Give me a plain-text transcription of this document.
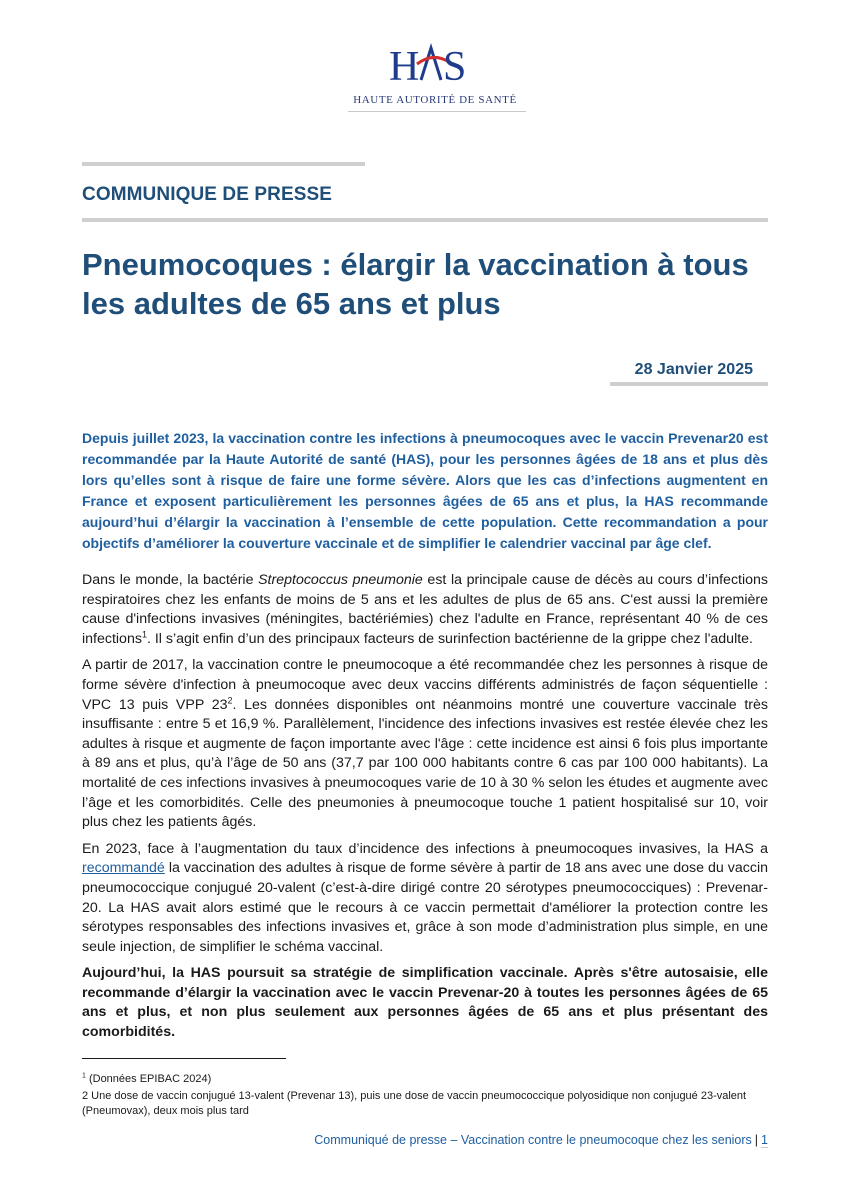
H S
HAUTE AUTORITÉ DE SANTÉ
COMMUNIQUE DE PRESSE
Pneumocoques : élargir la vaccination à tous les adultes de 65 ans et plus
28 Janvier 2025
Depuis juillet 2023, la vaccination contre les infections à pneumocoques avec le vaccin Prevenar20 est recommandée par la Haute Autorité de santé (HAS), pour les personnes âgées de 18 ans et plus dès lors qu’elles sont à risque de faire une forme sévère. Alors que les cas d’infections augmentent en France et exposent particulièrement les personnes âgées de 65 ans et plus, la HAS recommande aujourd’hui d’élargir la vaccination à l’ensemble de cette population. Cette recommandation a pour objectifs d’améliorer la couverture vaccinale et de simplifier le calendrier vaccinal par âge clef.

Dans le monde, la bactérie Streptococcus pneumonie est la principale cause de décès au cours d’infections respiratoires chez les enfants de moins de 5 ans et les adultes de plus de 65 ans. C'est aussi la première cause d'infections invasives (méningites, bactériémies) chez l'adulte en France, représentant 40 % de ces infections$^1$. Il s’agit enfin d’un des principaux facteurs de surinfection bactérienne de la grippe chez l'adulte.

A partir de 2017, la vaccination contre le pneumocoque a été recommandée chez les personnes à risque de forme sévère d'infection à pneumocoque avec deux vaccins différents administrés de façon séquentielle : VPC 13 puis VPP $23^2$. Les données disponibles ont néanmoins montré une couverture vaccinale très insuffisante : entre 5 et 16,9 %. Parallèlement, l'incidence des infections invasives est restée élevée chez les adultes à risque et augmente de façon importante avec l'âge : cette incidence est ainsi 6 fois plus importante à 89 ans et plus, qu’à l’âge de 50 ans (37,7 par 100 000 habitants contre 6 cas par 100 000 habitants). La mortalité de ces infections invasives à pneumocoques varie de 10 à 30 % selon les études et augmente avec l’âge et les comorbidités. Celle des pneumonies à pneumocoque touche 1 patient hospitalisé sur 10, voir plus chez les patients âgés.

En 2023, face à l’augmentation du taux d’incidence des infections à pneumocoques invasives, la HAS a recommandé la vaccination des adultes à risque de forme sévère à partir de 18 ans avec une dose du vaccin pneumococcique conjugué 20-valent (c’est-à-dire dirigé contre 20 sérotypes pneumococciques) : Prevenar-20. La HAS avait alors estimé que le recours à ce vaccin permettait d'améliorer la protection contre les sérotypes responsables des infections invasives et, grâce à son mode d’administration plus simple, en une seule injection, de simplifier le schéma vaccinal.

Aujourd’hui, la HAS poursuit sa stratégie de simplification vaccinale. Après s'être autosaisie, elle recommande d’élargir la vaccination avec le vaccin Prevenar-20 à toutes les personnes âgées de 65 ans et plus, et non plus seulement aux personnes âgées de 65 ans et plus présentant des comorbidités.

$^1$ (Données EPIBAC 2024)

2 Une dose de vaccin conjugué 13-valent (Prevenar 13), puis une dose de vaccin pneumococcique polyosidique non conjugué 23-valent (Pneumovax), deux mois plus tard

Communiqué de presse – Vaccination contre le pneumocoque chez les seniors | 1
